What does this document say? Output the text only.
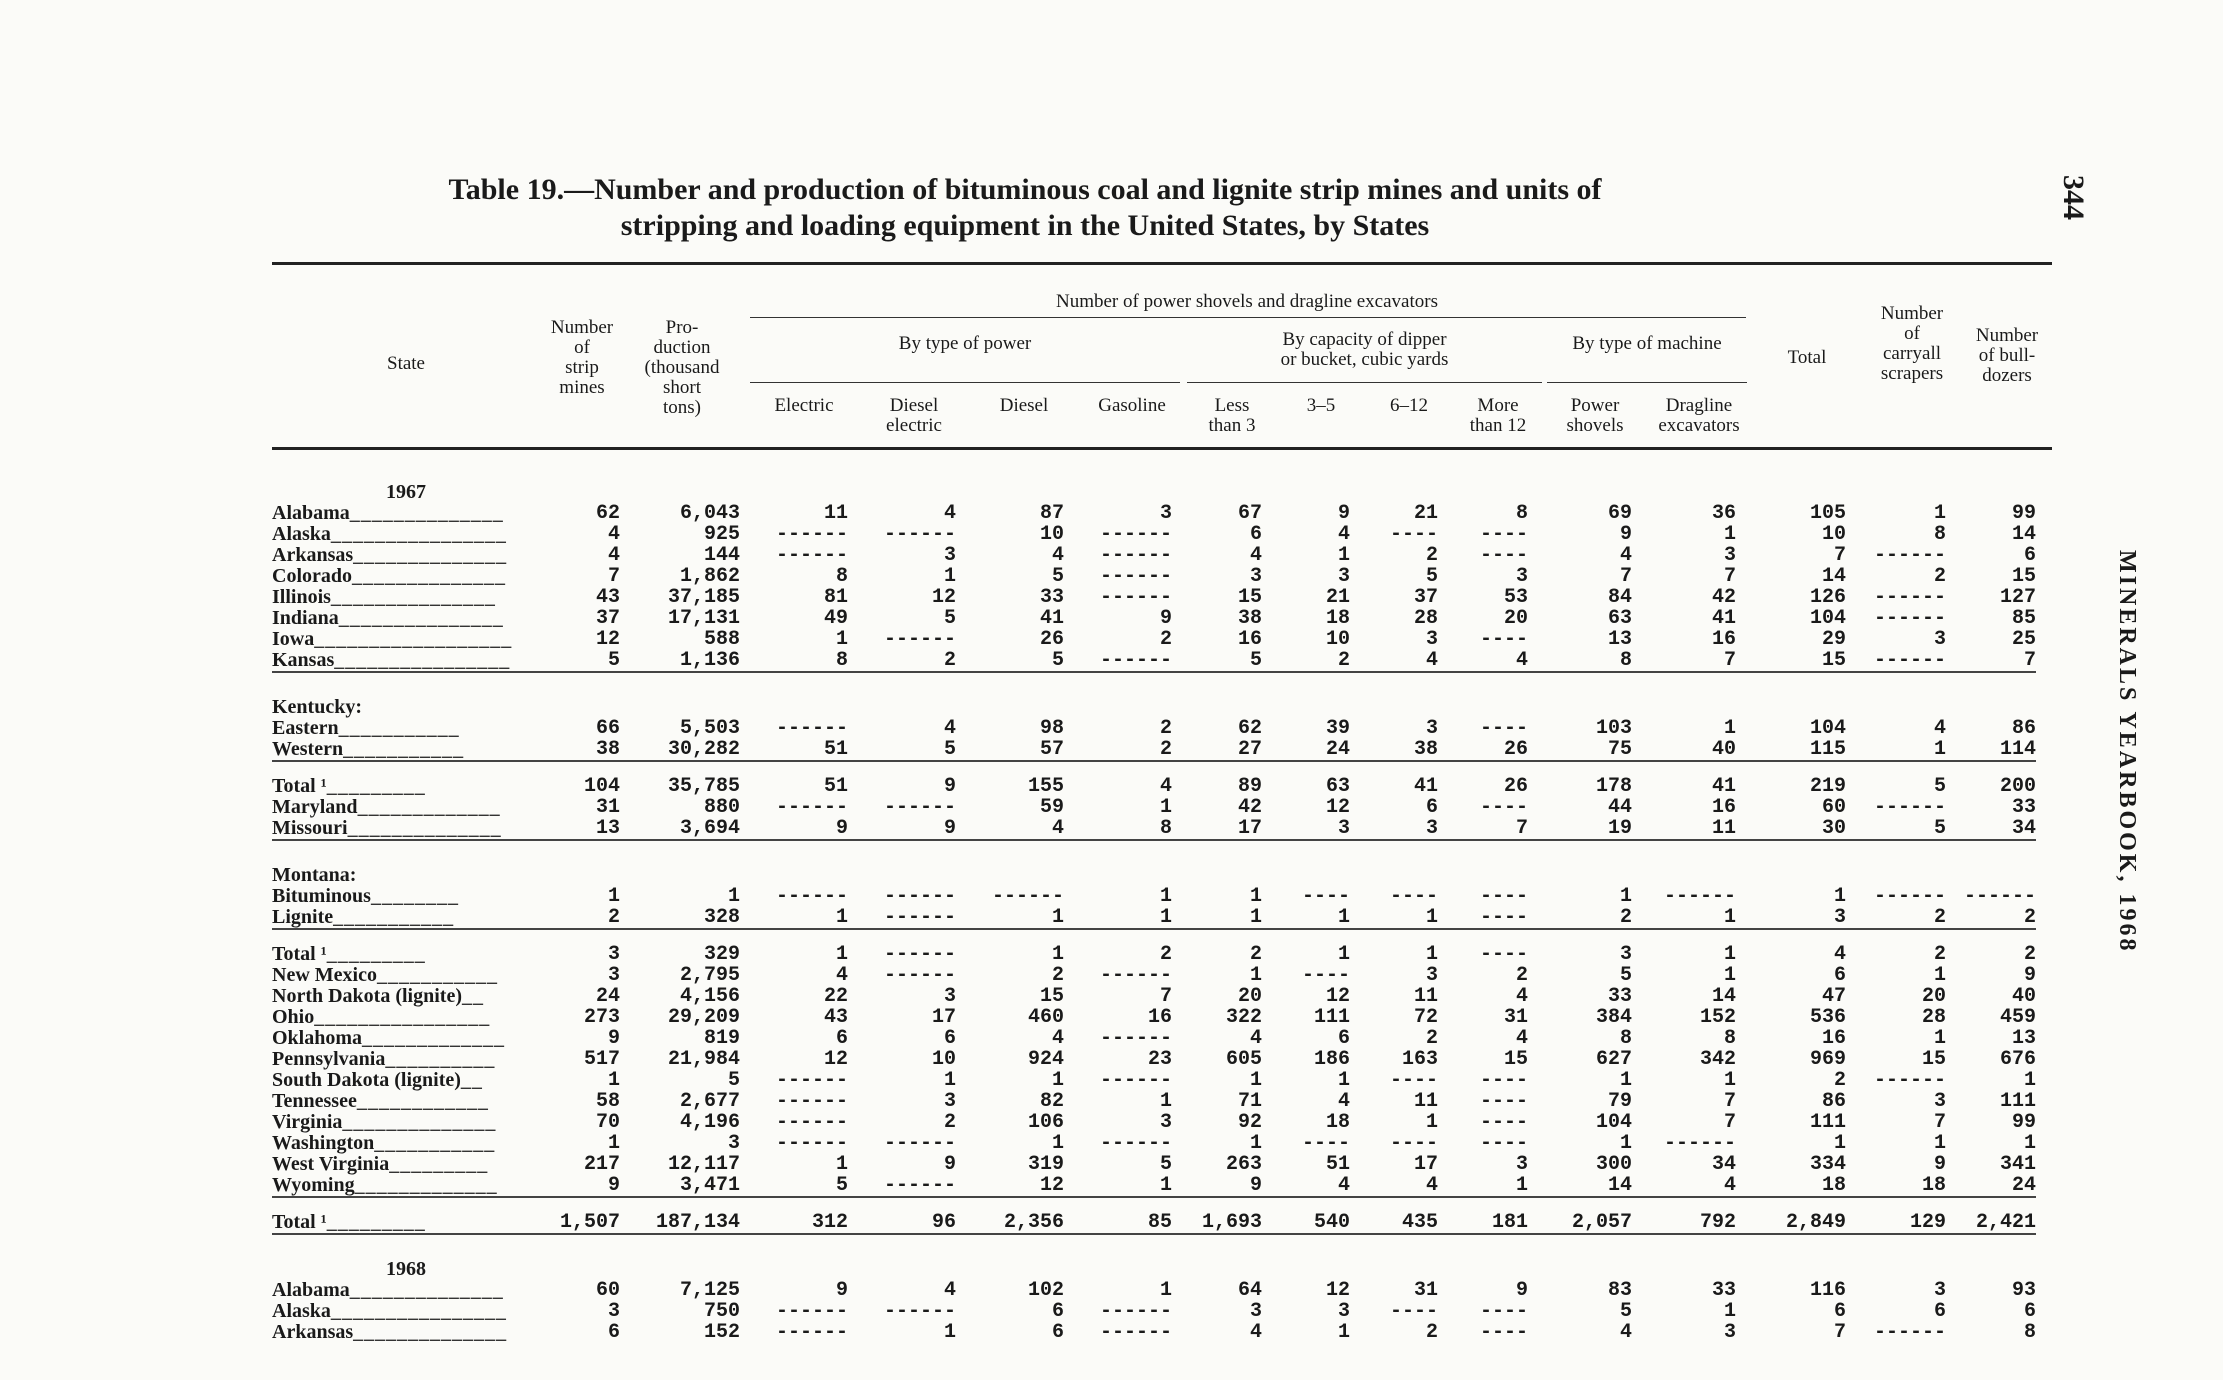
Table 19.—Number and production of bituminous coal and lignite strip mines and units of
stripping and loading equipment in the United States, by States
344
MINERALS YEARBOOK, 1968
State
Number
of
strip
mines
Pro-
duction
(thousand
short
tons)
Number of power shovels and dragline excavators
By type of power	By capacity of dipper
or bucket, cubic yards
By type of machine
Electric	Diesel
electric
Diesel	Gasoline	Less
than 3
3–5	6–12	More
than 12
Power
shovels
Dragline
excavators
Total
Number
of
carryall
scrapers
Number
of bull-
dozers
1967															
Alabama______________	62	6,043	11	4	87	3	67	9	21	8	69	36	105	1	99
Alaska________________	4	925	------	------	10	------	6	4	----	----	9	1	10	8	14
Arkansas______________	4	144	------	3	4	------	4	1	2	----	4	3	7	------	6
Colorado______________	7	1,862	8	1	5	------	3	3	5	3	7	7	14	2	15
Illinois_______________	43	37,185	81	12	33	------	15	21	37	53	84	42	126	------	127
Indiana_______________	37	17,131	49	5	41	9	38	18	28	20	63	41	104	------	85
Iowa__________________	12	588	1	------	26	2	16	10	3	----	13	16	29	3	25
Kansas________________	5	1,136	8	2	5	------	5	2	4	4	8	7	15	------	7

Kentucky:															
Eastern___________	66	5,503	------	4	98	2	62	39	3	----	103	1	104	4	86
Western___________	38	30,282	51	5	57	2	27	24	38	26	75	40	115	1	114

Total ¹_________	104	35,785	51	9	155	4	89	63	41	26	178	41	219	5	200
Maryland_____________	31	880	------	------	59	1	42	12	6	----	44	16	60	------	33
Missouri______________	13	3,694	9	9	4	8	17	3	3	7	19	11	30	5	34

Montana:															
Bituminous________	1	1	------	------	------	1	1	----	----	----	1	------	1	------	------
Lignite___________	2	328	1	------	1	1	1	1	1	----	2	1	3	2	2

Total ¹_________	3	329	1	------	1	2	2	1	1	----	3	1	4	2	2
New Mexico___________	3	2,795	4	------	2	------	1	----	3	2	5	1	6	1	9
North Dakota (lignite)__	24	4,156	22	3	15	7	20	12	11	4	33	14	47	20	40
Ohio________________	273	29,209	43	17	460	16	322	111	72	31	384	152	536	28	459
Oklahoma_____________	9	819	6	6	4	------	4	6	2	4	8	8	16	1	13
Pennsylvania__________	517	21,984	12	10	924	23	605	186	163	15	627	342	969	15	676
South Dakota (lignite)__	1	5	------	1	1	------	1	1	----	----	1	1	2	------	1
Tennessee____________	58	2,677	------	3	82	1	71	4	11	----	79	7	86	3	111
Virginia______________	70	4,196	------	2	106	3	92	18	1	----	104	7	111	7	99
Washington___________	1	3	------	------	1	------	1	----	----	----	1	------	1	1	1
West Virginia_________	217	12,117	1	9	319	5	263	51	17	3	300	34	334	9	341
Wyoming_____________	9	3,471	5	------	12	1	9	4	4	1	14	4	18	18	24

Total ¹_________	1,507	187,134	312	96	2,356	85	1,693	540	435	181	2,057	792	2,849	129	2,421

1968															
Alabama______________	60	7,125	9	4	102	1	64	12	31	9	83	33	116	3	93
Alaska________________	3	750	------	------	6	------	3	3	----	----	5	1	6	6	6
Arkansas______________	6	152	------	1	6	------	4	1	2	----	4	3	7	------	8
